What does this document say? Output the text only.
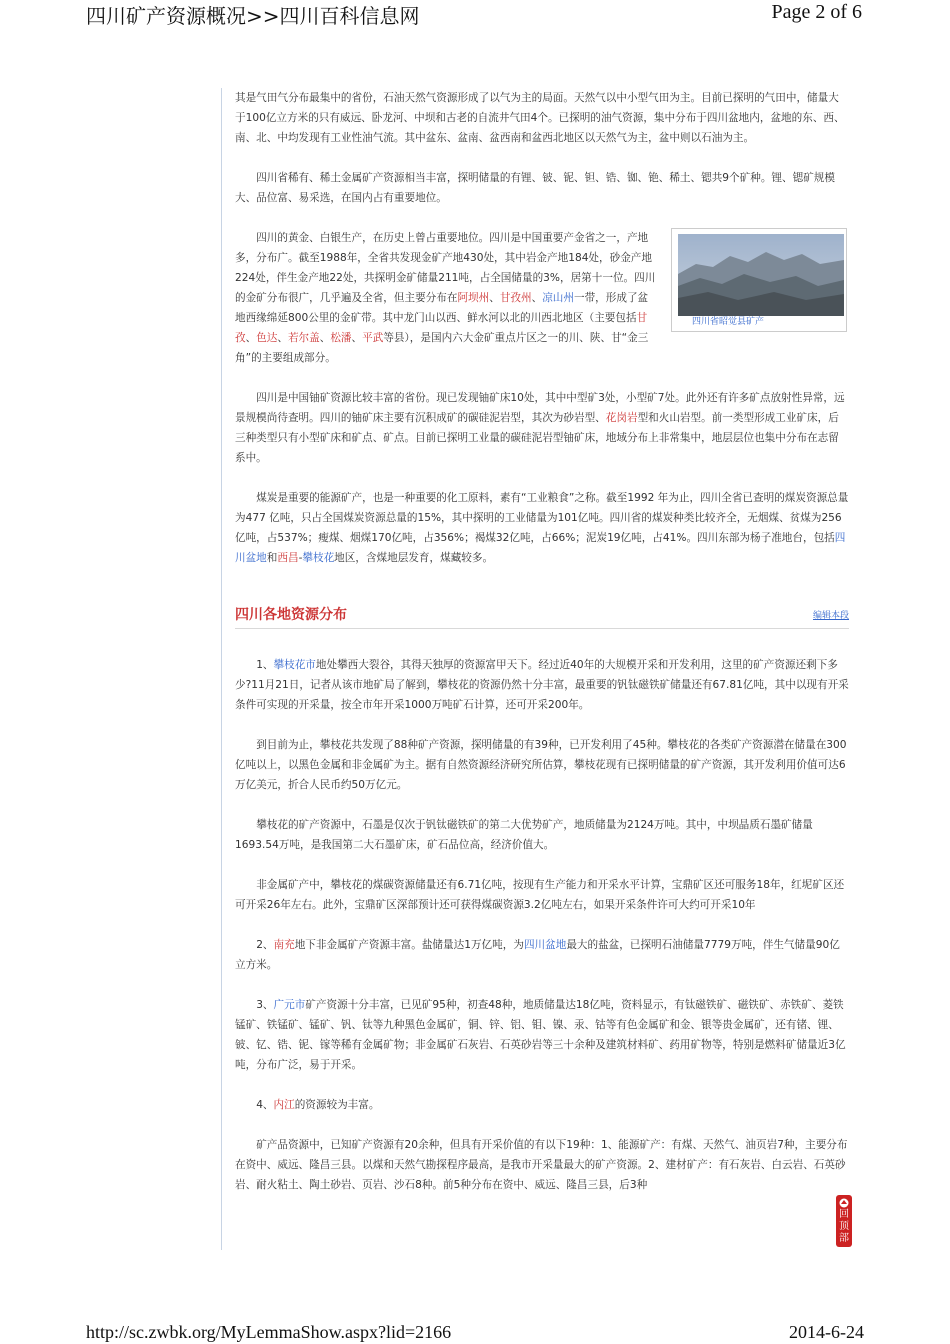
四川矿产资源概况>>四川百科信息网	Page 2 of 6

其是气田气分布最集中的省份，石油天然气资源形成了以气为主的局面。天然气以中小型气田为主。目前已探明的气田中，储量大于100亿立方米的只有威远、卧龙河、中坝和古老的自流井气田4个。已探明的油气资源，集中分布于四川盆地内，盆地的东、西、南、北、中均发现有工业性油气流。其中盆东、盆南、盆西南和盆西北地区以天然气为主，盆中则以石油为主。

四川省稀有、稀土金属矿产资源相当丰富，探明储量的有锂、铍、铌、钽、锆、铷、铯、稀土、锶共9个矿种。锂、锶矿规模大、品位富、易采选，在国内占有重要地位。

四川省昭觉县矿产

四川的黄金、白银生产，在历史上曾占重要地位。四川是中国重要产金省之一，产地多，分布广。截至1988年，全省共发现金矿产地430处，其中岩金产地184处，砂金产地224处，伴生金产地22处，共探明金矿储量211吨，占全国储量的3%，居第十一位。四川的金矿分布很广，几乎遍及全省，但主要分布在阿坝州、甘孜州、凉山州一带，形成了盆地西缘绵延800公里的金矿带。其中龙门山以西、鲜水河以北的川西北地区（主要包括甘孜、色达、若尔盖、松潘、平武等县），是国内六大金矿重点片区之一的川、陕、甘“金三角”的主要组成部分。

四川是中国铀矿资源比较丰富的省份。现已发现铀矿床10处，其中中型矿3处，小型矿7处。此外还有许多矿点放射性异常，远景规模尚待查明。四川的铀矿床主要有沉积成矿的碳硅泥岩型，其次为砂岩型、花岗岩型和火山岩型。前一类型形成工业矿床，后三种类型只有小型矿床和矿点、矿点。目前已探明工业量的碳硅泥岩型铀矿床，地域分布上非常集中，地层层位也集中分布在志留系中。

煤炭是重要的能源矿产，也是一种重要的化工原料，素有“工业粮食”之称。截至1992 年为止，四川全省已查明的煤炭资源总量为477 亿吨，只占全国煤炭资源总量的15%，其中探明的工业储量为101亿吨。四川省的煤炭种类比较齐全，无烟煤、贫煤为256亿吨，占537%；瘦煤、烟煤170亿吨，占356%；褐煤32亿吨，占66%；泥炭19亿吨，占41%。四川东部为杨子准地台，包括四川盆地和西昌-攀枝花地区，含煤地层发育，煤藏较多。

四川各地资源分布	编辑本段

1、攀枝花市地处攀西大裂谷，其得天独厚的资源富甲天下。经过近40年的大规模开采和开发利用，这里的矿产资源还剩下多少?11月21日，记者从该市地矿局了解到，攀枝花的资源仍然十分丰富，最重要的钒钛磁铁矿储量还有67.81亿吨，其中以现有开采条件可实现的开采量，按全市年开采1000万吨矿石计算，还可开采200年。

到目前为止，攀枝花共发现了88种矿产资源，探明储量的有39种，已开发利用了45种。攀枝花的各类矿产资源潜在储量在300亿吨以上，以黑色金属和非金属矿为主。据有自然资源经济研究所估算，攀枝花现有已探明储量的矿产资源，其开发利用价值可达6万亿美元，折合人民币约50万亿元。

攀枝花的矿产资源中，石墨是仅次于钒钛磁铁矿的第二大优势矿产，地质储量为2124万吨。其中，中坝晶质石墨矿储量1693.54万吨，是我国第二大石墨矿床，矿石品位高，经济价值大。

非金属矿产中，攀枝花的煤碳资源储量还有6.71亿吨，按现有生产能力和开采水平计算，宝鼎矿区还可服务18年，红坭矿区还可开采26年左右。此外，宝鼎矿区深部预计还可获得煤碳资源3.2亿吨左右，如果开采条件许可大约可开采10年

2、南充地下非金属矿产资源丰富。盐储量达1万亿吨，为四川盆地最大的盐盆，已探明石油储量7779万吨，伴生气储量90亿立方米。

3、广元市矿产资源十分丰富，已见矿95种，初查48种，地质储量达18亿吨，资料显示，有钛磁铁矿、磁铁矿、赤铁矿、菱铁锰矿、铁锰矿、锰矿、钒、钛等九种黑色金属矿，铜、锌、铝、钼、镍、汞、钴等有色金属矿和金、银等贵金属矿，还有锗、锂、铍、钇、锆、铌、镓等稀有金属矿物；非金属矿石灰岩、石英砂岩等三十余种及建筑材料矿、药用矿物等，特别是燃料矿储量近3亿吨，分布广泛，易于开采。

4、内江的资源较为丰富。

矿产品资源中，已知矿产资源有20余种，但具有开采价值的有以下19种：1、能源矿产：有煤、天然气、油页岩7种，主要分布在资中、威远、隆昌三县。以煤和天然气勘探程序最高，是我市开采量最大的矿产资源。2、建材矿产：有石灰岩、白云岩、石英砂岩、耐火粘土、陶土砂岩、页岩、沙石8种。前5种分布在资中、威远、隆昌三县，后3种

回顶部
http://sc.zwbk.org/MyLemmaShow.aspx?lid=2166	2014-6-24
